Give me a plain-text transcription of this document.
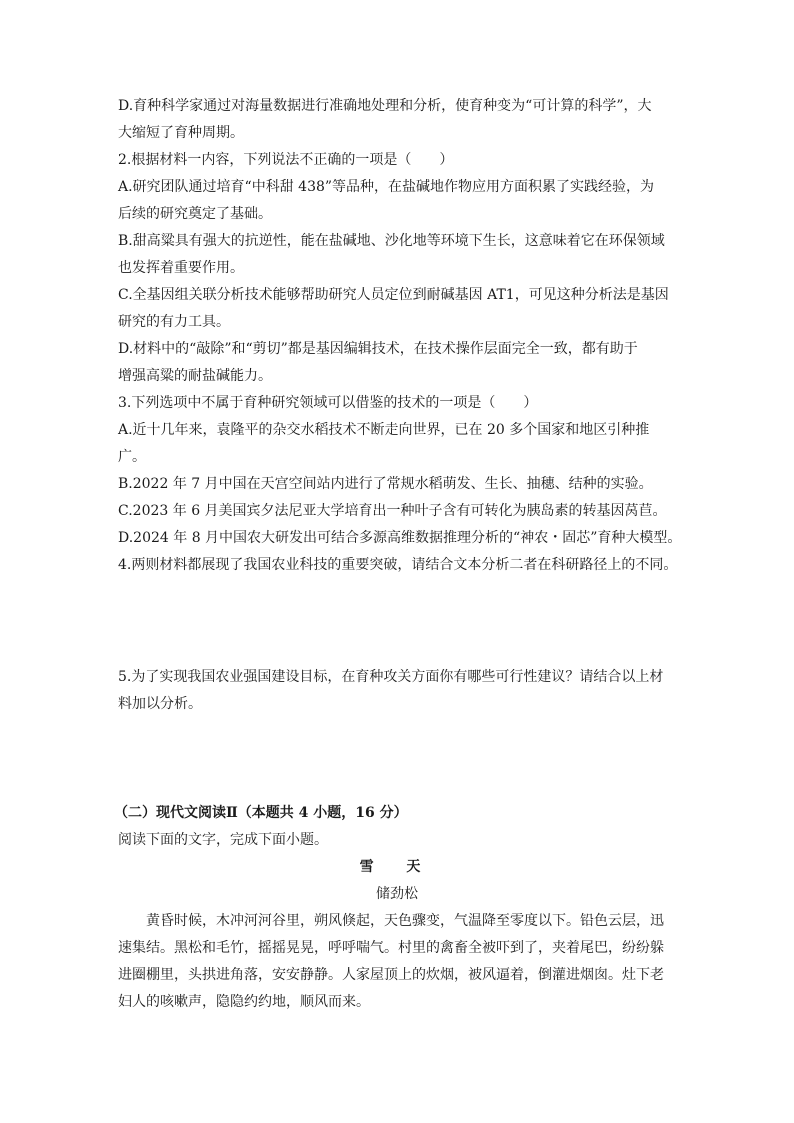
D.育种科学家通过对海量数据进行准确地处理和分析，使育种变为“可计算的科学”，大
大缩短了育种周期。
2.根据材料一内容，下列说法不正确的一项是（　　）
A.研究团队通过培育“中科甜 438”等品种，在盐碱地作物应用方面积累了实践经验，为
后续的研究奠定了基础。
B.甜高粱具有强大的抗逆性，能在盐碱地、沙化地等环境下生长，这意味着它在环保领域
也发挥着重要作用。
C.全基因组关联分析技术能够帮助研究人员定位到耐碱基因 AT1，可见这种分析法是基因
研究的有力工具。
D.材料中的“敲除”和“剪切”都是基因编辑技术，在技术操作层面完全一致，都有助于
增强高粱的耐盐碱能力。
3.下列选项中不属于育种研究领域可以借鉴的技术的一项是（　　）
A.近十几年来，袁隆平的杂交水稻技术不断走向世界，已在 20 多个国家和地区引种推
广。
B.2022 年 7 月中国在天宫空间站内进行了常规水稻萌发、生长、抽穗、结种的实验。
C.2023 年 6 月美国宾夕法尼亚大学培育出一种叶子含有可转化为胰岛素的转基因莴苣。
D.2024 年 8 月中国农大研发出可结合多源高维数据推理分析的“神农・固芯”育种大模型。
4.两则材料都展现了我国农业科技的重要突破，请结合文本分析二者在科研路径上的不同。
5.为了实现我国农业强国建设目标，在育种攻关方面你有哪些可行性建议？请结合以上材
料加以分析。
（二）现代文阅读Ⅱ（本题共 4 小题，16 分）
阅读下面的文字，完成下面小题。
雪 天
储劲松
　　黄昏时候，木冲河河谷里，朔风倏起，天色骤变，气温降至零度以下。铅色云层，迅
速集结。黑松和毛竹，摇摇晃晃，呼呼喘气。村里的禽畜全被吓到了，夹着尾巴，纷纷躲
进圈棚里，头拱进角落，安安静静。人家屋顶上的炊烟，被风逼着，倒灌进烟囱。灶下老
妇人的咳嗽声，隐隐约约地，顺风而来。
